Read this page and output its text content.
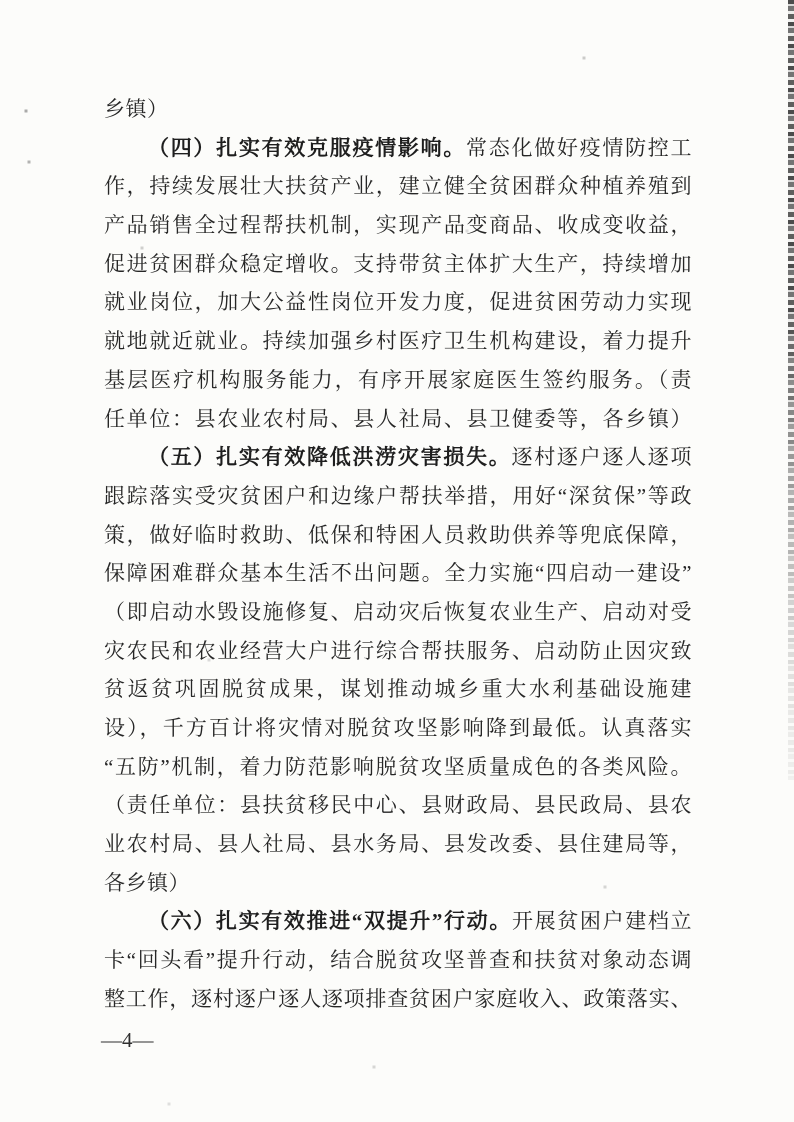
乡镇）
（四）扎实有效克服疫情影响。常态化做好疫情防控工
作，持续发展壮大扶贫产业，建立健全贫困群众种植养殖到
产品销售全过程帮扶机制，实现产品变商品、收成变收益，
促进贫困群众稳定增收。支持带贫主体扩大生产，持续增加
就业岗位，加大公益性岗位开发力度，促进贫困劳动力实现
就地就近就业。持续加强乡村医疗卫生机构建设，着力提升
基层医疗机构服务能力，有序开展家庭医生签约服务。（责
任单位：县农业农村局、县人社局、县卫健委等，各乡镇）
（五）扎实有效降低洪涝灾害损失。逐村逐户逐人逐项
跟踪落实受灾贫困户和边缘户帮扶举措，用好“深贫保”等政
策，做好临时救助、低保和特困人员救助供养等兜底保障，
保障困难群众基本生活不出问题。全力实施“四启动一建设”
（即启动水毁设施修复、启动灾后恢复农业生产、启动对受
灾农民和农业经营大户进行综合帮扶服务、启动防止因灾致
贫返贫巩固脱贫成果，谋划推动城乡重大水利基础设施建
设），千方百计将灾情对脱贫攻坚影响降到最低。认真落实
“五防”机制，着力防范影响脱贫攻坚质量成色的各类风险。
（责任单位：县扶贫移民中心、县财政局、县民政局、县农
业农村局、县人社局、县水务局、县发改委、县住建局等，
各乡镇）
（六）扎实有效推进“双提升”行动。开展贫困户建档立
卡“回头看”提升行动，结合脱贫攻坚普查和扶贫对象动态调
整工作，逐村逐户逐人逐项排查贫困户家庭收入、政策落实、
—4—
